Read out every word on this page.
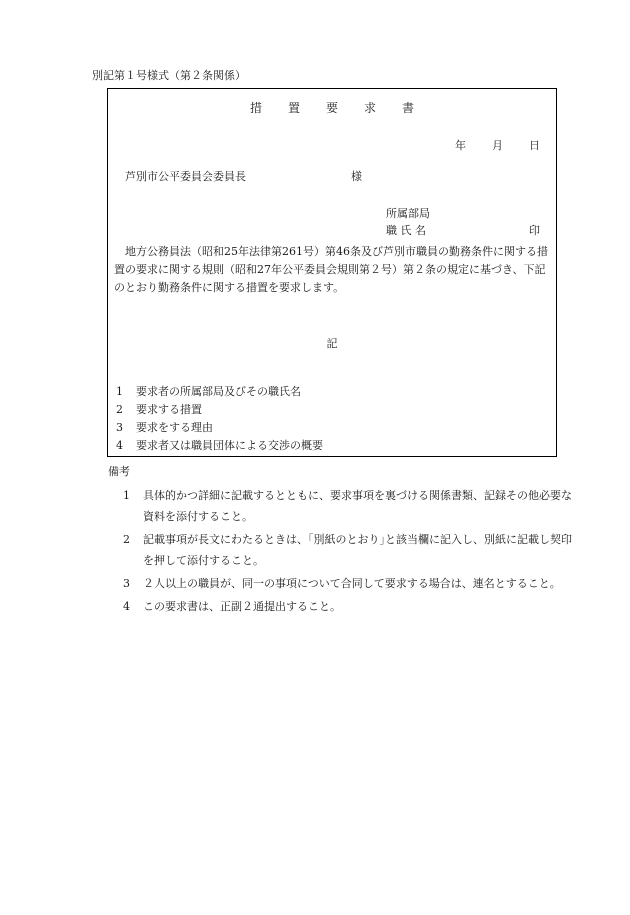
別記第１号様式（第２条関係）
措 置 要 求 書
年 月 日
芦別市公平委員会委員長	様
所属部局
職 氏 名	印
地方公務員法（昭和25年法律第261号）第46条及び芦別市職員の勤務条件に関する措置の要求に関する規則（昭和27年公平委員会規則第２号）第２条の規定に基づき、下記のとおり勤務条件に関する措置を要求します。
記
1 要求者の所属部局及びその職氏名
2 要求する措置
3 要求をする理由
4 要求者又は職員団体による交渉の概要
備考
1 具体的かつ詳細に記載するとともに、要求事項を裏づける関係書類、記録その他必要な資料を添付すること。
2 記載事項が長文にわたるときは、｢別紙のとおり｣と該当欄に記入し、別紙に記載し契印を押して添付すること。
3 ２人以上の職員が、同一の事項について合同して要求する場合は、連名とすること。
4 この要求書は、正副２通提出すること。
